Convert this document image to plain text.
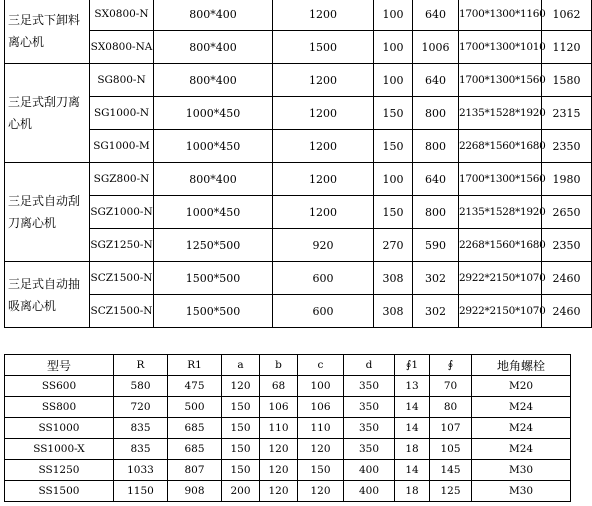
三足式下卸料离心机	SX0800-N	800*400	1200	100	640	1700*1300*1160	1062
	SX0800-NA	800*400	1500	100	1006	1700*1300*1010	1120
三足式刮刀离心机	SG800-N	800*400	1200	100	640	1700*1300*1560	1580
	SG1000-N	1000*450	1200	150	800	2135*1528*1920	2315
	SG1000-M	1000*450	1200	150	800	2268*1560*1680	2350
三足式自动刮刀离心机	SGZ800-N	800*400	1200	100	640	1700*1300*1560	1980
	SGZ1000-N	1000*450	1200	150	800	2135*1528*1920	2650
	SGZ1250-N	1250*500	920	270	590	2268*1560*1680	2350
三足式自动抽吸离心机	SCZ1500-N	1500*500	600	308	302	2922*2150*1070	2460
	SCZ1500-N	1500*500	600	308	302	2922*2150*1070	2460
型号	R	R1	a	b	c	d	∮1	∮	地角螺栓
SS600	580	475	120	68	100	350	13	70	M20
SS800	720	500	150	106	106	350	14	80	M24
SS1000	835	685	150	110	110	350	14	107	M24
SS1000-X	835	685	150	120	120	350	18	105	M24
SS1250	1033	807	150	120	150	400	14	145	M30
SS1500	1150	908	200	120	120	400	18	125	M30
